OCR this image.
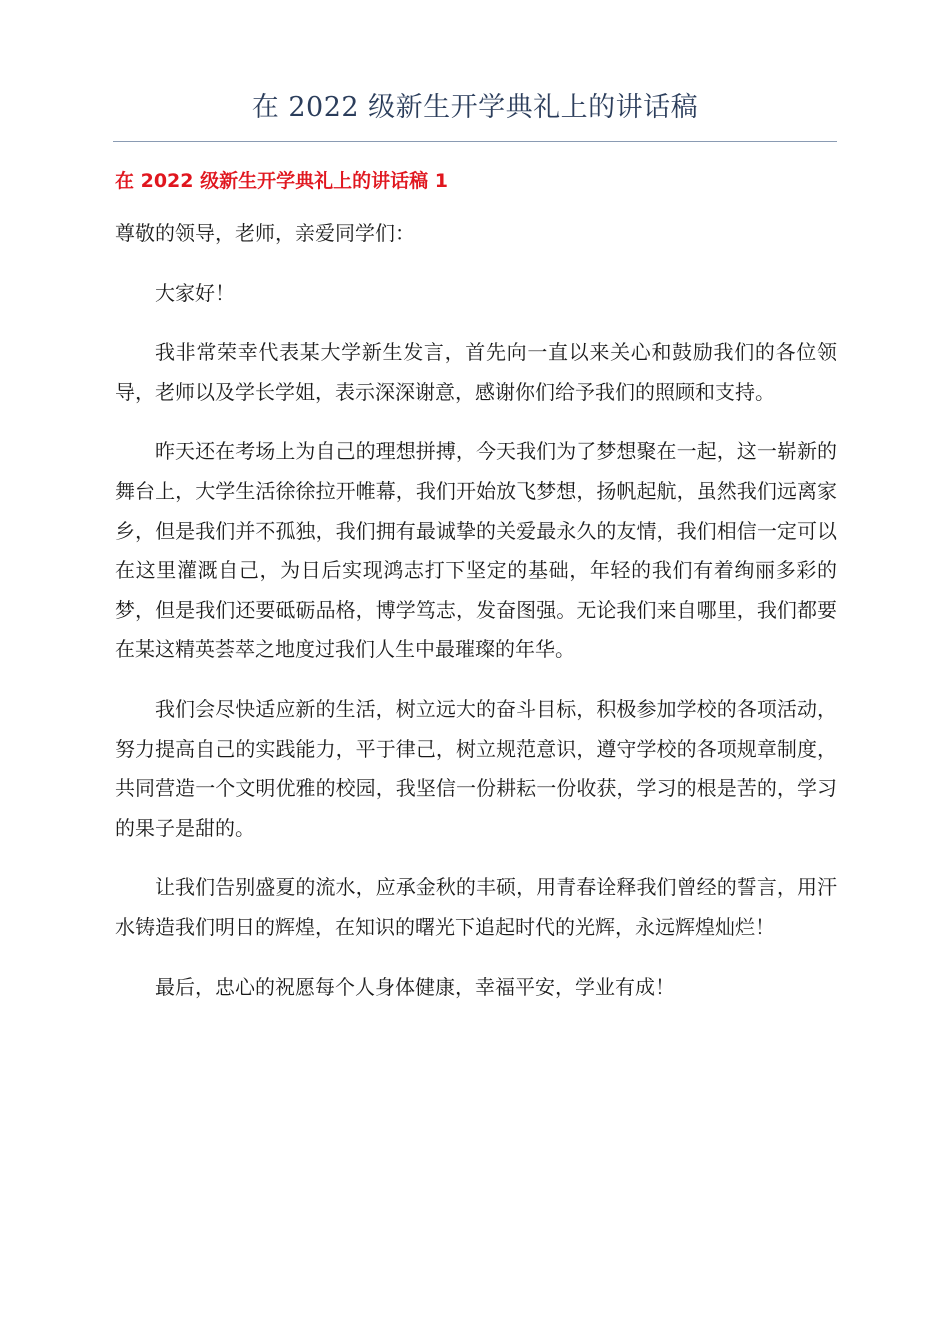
在 2022 级新生开学典礼上的讲话稿
在 2022 级新生开学典礼上的讲话稿 1

尊敬的领导，老师，亲爱同学们：

大家好！

我非常荣幸代表某大学新生发言，首先向一直以来关心和鼓励我们的各位领导，老师以及学长学姐，表示深深谢意，感谢你们给予我们的照顾和支持。

昨天还在考场上为自己的理想拼搏，今天我们为了梦想聚在一起，这一崭新的舞台上，大学生活徐徐拉开帷幕，我们开始放飞梦想，扬帆起航，虽然我们远离家乡，但是我们并不孤独，我们拥有最诚挚的关爱最永久的友情，我们相信一定可以在这里灌溉自己，为日后实现鸿志打下坚定的基础，年轻的我们有着绚丽多彩的梦，但是我们还要砥砺品格，博学笃志，发奋图强。无论我们来自哪里，我们都要在某这精英荟萃之地度过我们人生中最璀璨的年华。

我们会尽快适应新的生活，树立远大的奋斗目标，积极参加学校的各项活动，努力提高自己的实践能力，平于律己，树立规范意识，遵守学校的各项规章制度，共同营造一个文明优雅的校园，我坚信一份耕耘一份收获，学习的根是苦的，学习的果子是甜的。

让我们告别盛夏的流水，应承金秋的丰硕，用青春诠释我们曾经的誓言，用汗水铸造我们明日的辉煌，在知识的曙光下追起时代的光辉，永远辉煌灿烂！

最后，忠心的祝愿每个人身体健康，幸福平安，学业有成！
